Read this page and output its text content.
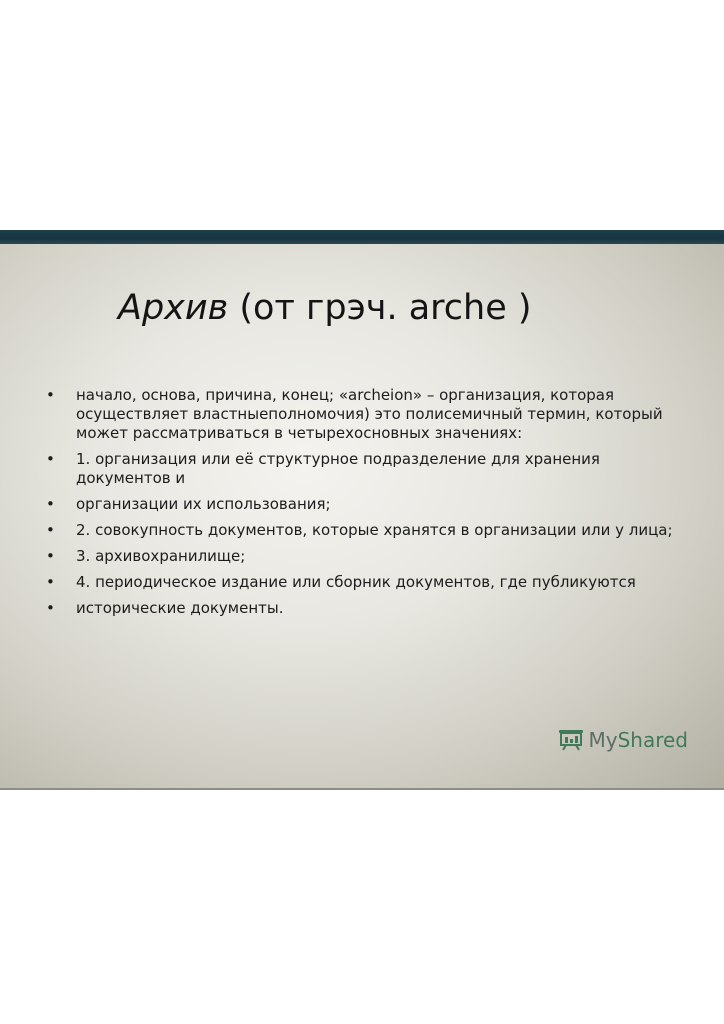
Архив (от грэч. arche )
• начало, основа, причина, конец; «archeion» – организация, которая осуществляет властныеполномочия) это полисемичный термин, который может рассматриваться в четырехосновных значениях:
• 1. организация или её структурное подразделение для хранения документов и
• организации их использования;
• 2. совокупность документов, которые хранятся в организации или у лица;
• 3. архивохранилище;
• 4. периодическое издание или сборник документов, где публикуются
• исторические документы.
My Shared
